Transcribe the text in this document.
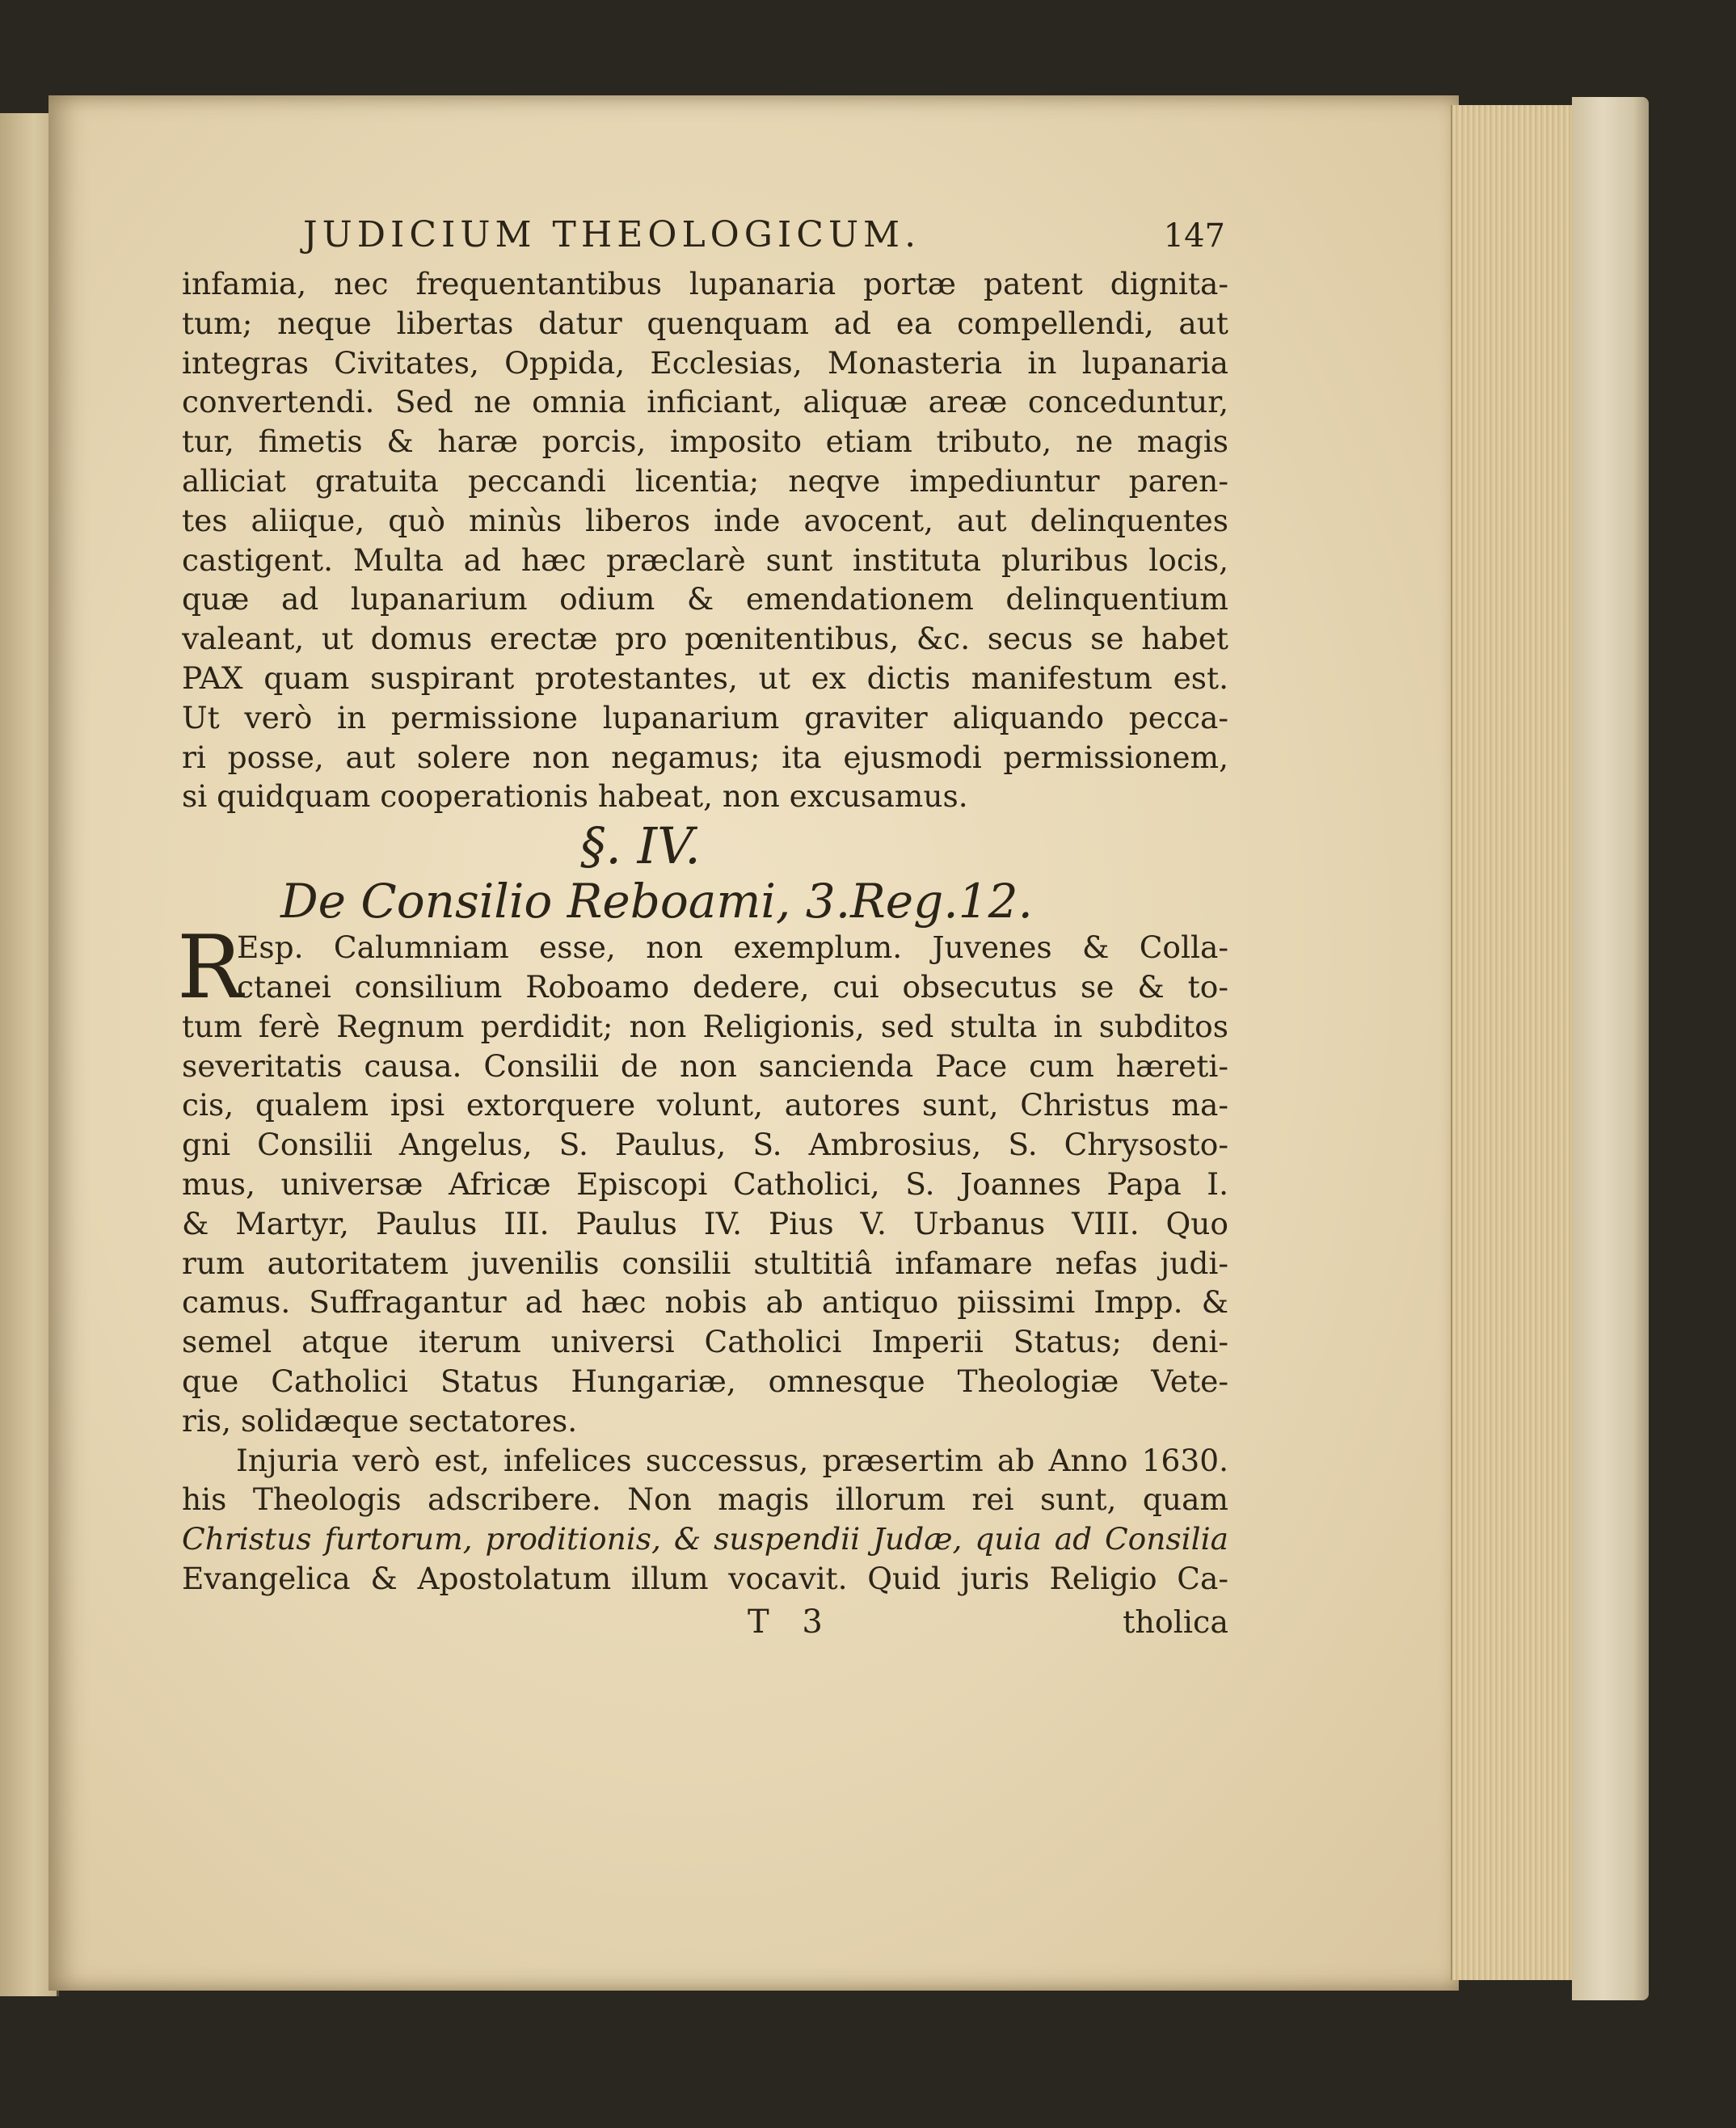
JUDICIUM THEOLOGICUM.	147
infamia, nec frequentantibus lupanaria portæ patent dignita-
tum; neque libertas datur quenquam ad ea compellendi, aut
integras Civitates, Oppida, Ecclesias, Monasteria in lupanaria
convertendi. Sed ne omnia inficiant, aliquæ areæ conceduntur,
tur, fimetis & haræ porcis, imposito etiam tributo, ne magis
alliciat gratuita peccandi licentia; neqve impediuntur paren-
tes aliique, quò minùs liberos inde avocent, aut delinquentes
castigent. Multa ad hæc præclarè sunt instituta pluribus locis,
quæ ad lupanarium odium & emendationem delinquentium
valeant, ut domus erectæ pro pœnitentibus, &c. secus se habet
PAX quam suspirant protestantes, ut ex dictis manifestum est.
Ut verò in permissione lupanarium graviter aliquando pecca-
ri posse, aut solere non negamus; ita ejusmodi permissionem,
si quidquam cooperationis habeat, non excusamus.
§. IV.
De Consilio Reboami, 3.Reg.12.
R
Esp. Calumniam esse, non exemplum. Juvenes & Colla-
ctanei consilium Roboamo dedere, cui obsecutus se & to-
tum ferè Regnum perdidit; non Religionis, sed stulta in subditos
severitatis causa. Consilii de non sancienda Pace cum hæreti-
cis, qualem ipsi extorquere volunt, autores sunt, Christus ma-
gni Consilii Angelus, S. Paulus, S. Ambrosius, S. Chrysosto-
mus, universæ Africæ Episcopi Catholici, S. Joannes Papa I.
& Martyr, Paulus III. Paulus IV. Pius V. Urbanus VIII. Quo
rum autoritatem juvenilis consilii stultitiâ infamare nefas judi-
camus. Suffragantur ad hæc nobis ab antiquo piissimi Impp. &
semel atque iterum universi Catholici Imperii Status; deni-
que Catholici Status Hungariæ, omnesque Theologiæ Vete-
ris, solidæque sectatores.
Injuria verò est, infelices successus, præsertim ab Anno 1630.
his Theologis adscribere. Non magis illorum rei sunt, quam
Christus furtorum, proditionis, & suspendii Judæ, quia ad Consilia
Evangelica & Apostolatum illum vocavit. Quid juris Religio Ca-
T 3	tholica
